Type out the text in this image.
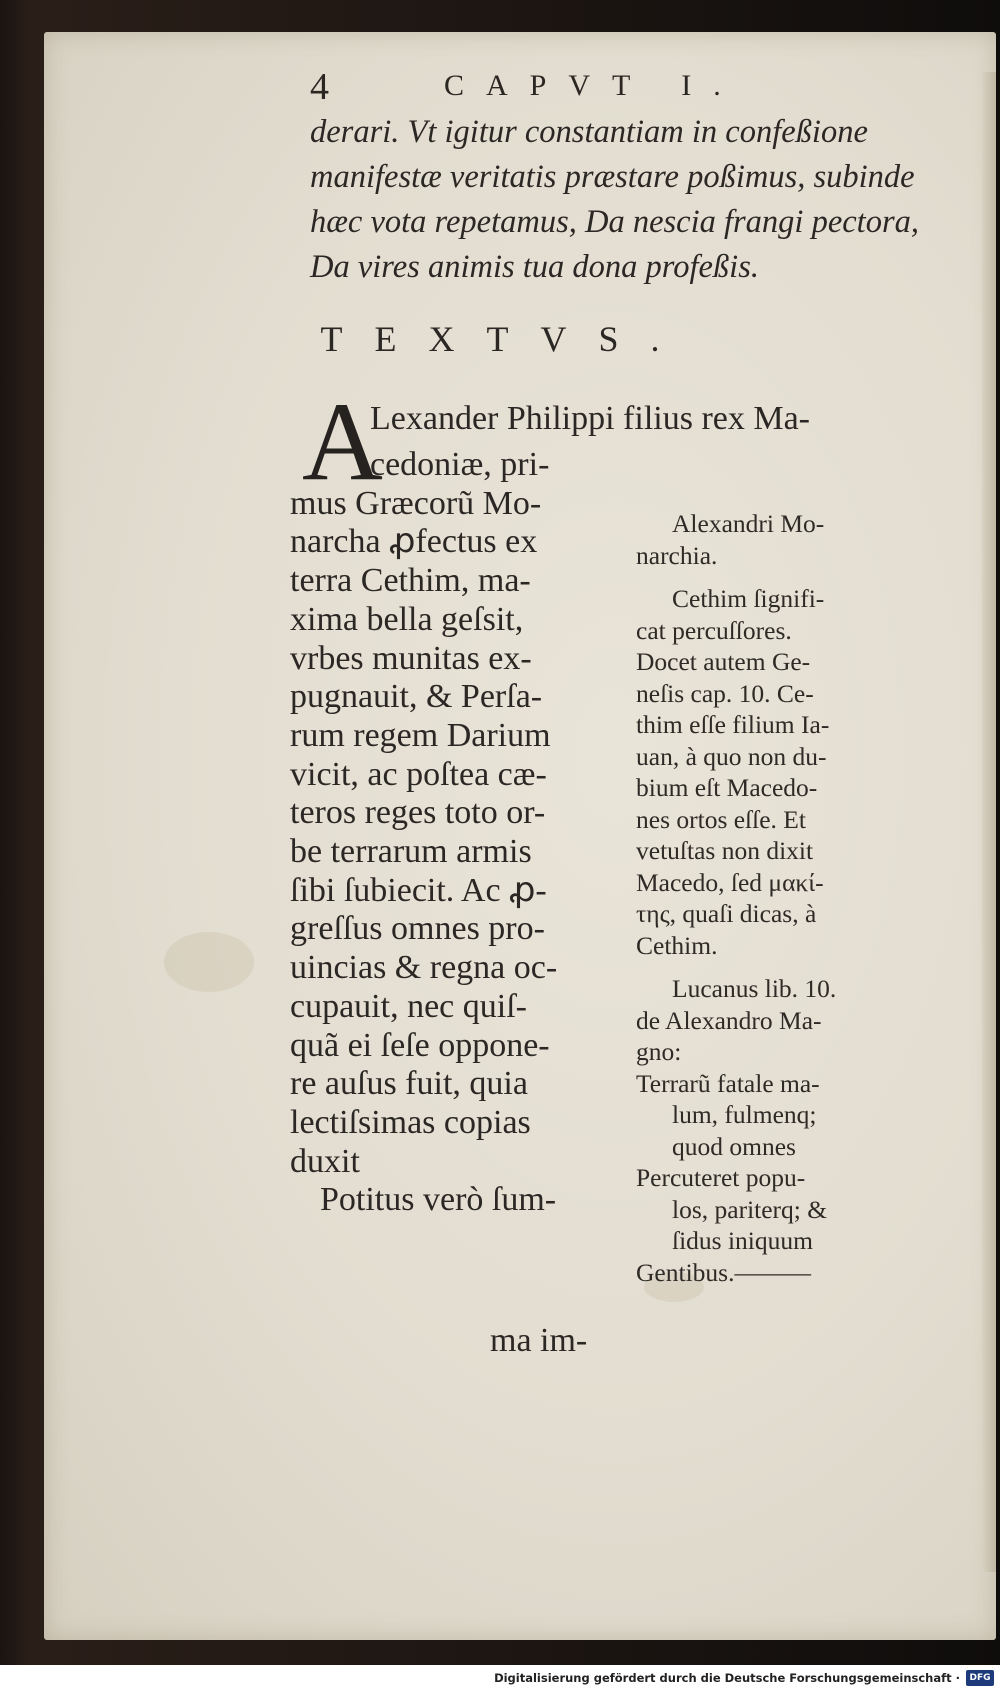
4	CAPVT I.
derari. Vt igitur constantiam in confeßione
manifestæ veritatis præstare poßimus, subinde
hæc vota repetamus, Da nescia frangi pectora,
Da vires animis tua dona profeßis.
TEXTVS.
A
Lexander Philippi filius rex Ma-
cedoniæ, pri-
mus Græcorũ Mo-
narcha ꝓfectus ex
terra Cethim, ma-
xima bella geſsit,
vrbes munitas ex-
pugnauit, & Perſa-
rum regem Darium
vicit, ac poſtea cæ-
teros reges toto or-
be terrarum armis
ſibi ſubiecit. Ac ꝓ-
greſſus omnes pro-
uincias & regna oc-
cupauit, nec quiſ-
quã ei ſeſe oppone-
re auſus fuit, quia
lectiſsimas copias
duxit
Potitus verò ſum-
ma im-
Alexandri Mo-
narchia.
Cethim ſignifi-
cat percuſſores.
Docet autem Ge-
neſis cap. 10. Ce-
thim eſſe filium Ia-
uan, à quo non du-
bium eſt Macedo-
nes ortos eſſe. Et
vetuſtas non dixit
Macedo, ſed μακί-
της, quaſi dicas, à
Cethim.
Lucanus lib. 10.
de Alexandro Ma-
gno:
Terrarũ fatale ma-
lum, fulmenq;
quod omnes
Percuteret popu-
los, pariterq; &
ſidus iniquum
Gentibus.———
Digitalisierung gefördert durch die Deutsche Forschungsgemeinschaft ·	DFG
